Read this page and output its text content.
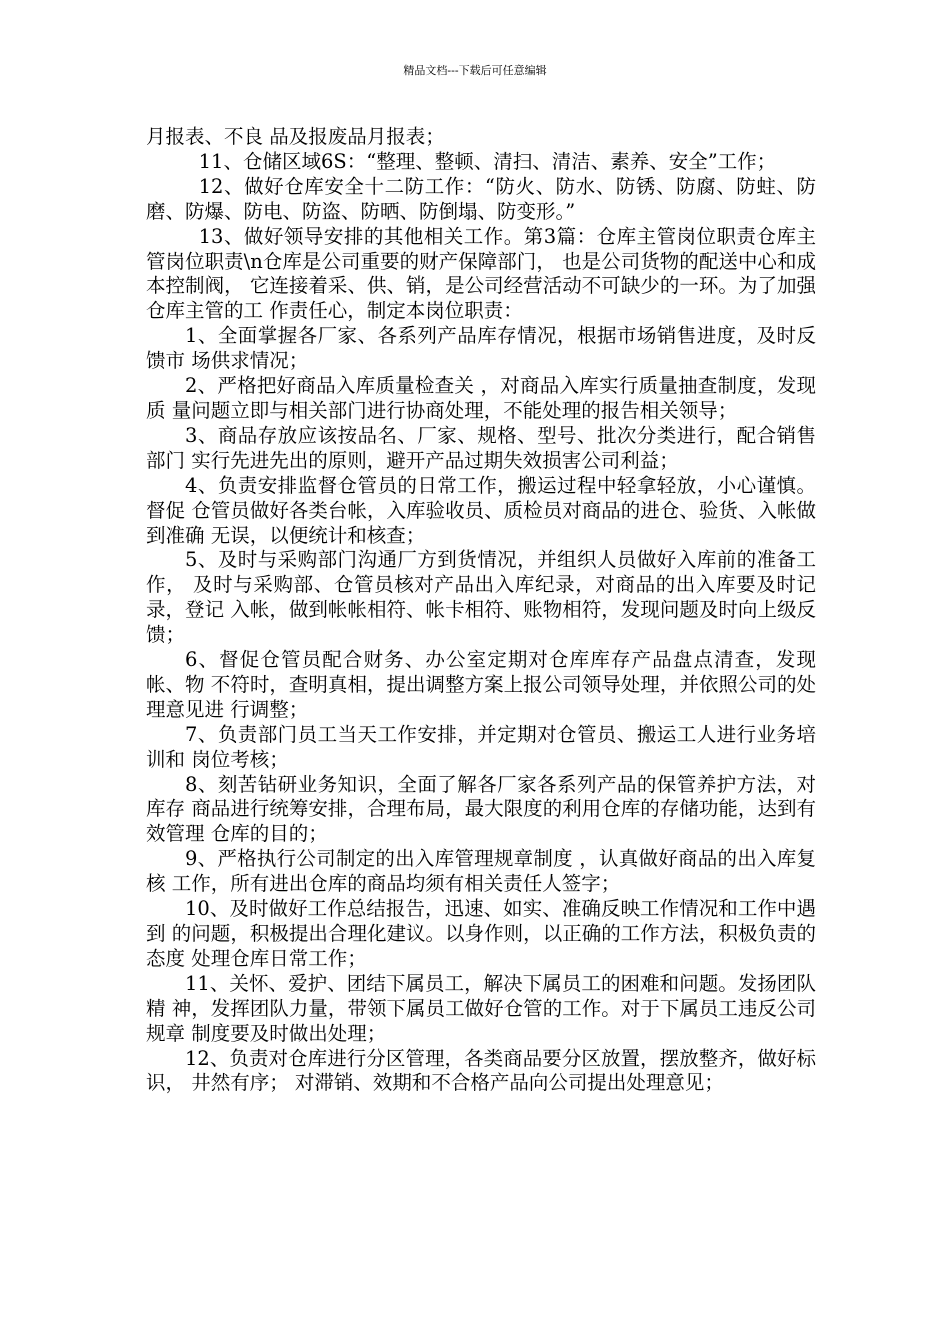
精品文档---下载后可任意编辑

月报表、不良 品及报废品月报表；

11、仓储区域6S：“整理、整顿、清扫、清洁、素养、安全”工作；

12、做好仓库安全十二防工作：“防火、防水、防锈、防腐、防蛀、防磨、防爆、防电、防盗、防晒、防倒塌、防变形。”

13、做好领导安排的其他相关工作。第3篇：仓库主管岗位职责仓库主管岗位职责\n仓库是公司重要的财产保障部门， 也是公司货物的配送中心和成本控制阀， 它连接着采、供、销，是公司经营活动不可缺少的一环。为了加强仓库主管的工 作责任心，制定本岗位职责：

1、全面掌握各厂家、各系列产品库存情况，根据市场销售进度，及时反馈市 场供求情况；

2、严格把好商品入库质量检查关 ，对商品入库实行质量抽查制度，发现质 量问题立即与相关部门进行协商处理，不能处理的报告相关领导；

3、商品存放应该按品名、厂家、规格、型号、批次分类进行，配合销售部门 实行先进先出的原则，避开产品过期失效损害公司利益；

4、负责安排监督仓管员的日常工作，搬运过程中轻拿轻放，小心谨慎。督促 仓管员做好各类台帐，入库验收员、质检员对商品的进仓、验货、入帐做到准确 无误，以便统计和核查；

5、及时与采购部门沟通厂方到货情况，并组织人员做好入库前的准备工作， 及时与采购部、仓管员核对产品出入库纪录，对商品的出入库要及时记录，登记 入帐，做到帐帐相符、帐卡相符、账物相符，发现问题及时向上级反馈；

6、督促仓管员配合财务、办公室定期对仓库库存产品盘点清查，发现帐、物 不符时，查明真相，提出调整方案上报公司领导处理，并依照公司的处理意见进 行调整；

7、负责部门员工当天工作安排，并定期对仓管员、搬运工人进行业务培训和 岗位考核；

8、刻苦钻研业务知识，全面了解各厂家各系列产品的保管养护方法，对库存 商品进行统筹安排，合理布局，最大限度的利用仓库的存储功能，达到有效管理 仓库的目的；

9、严格执行公司制定的出入库管理规章制度 ，认真做好商品的出入库复核 工作，所有进出仓库的商品均须有相关责任人签字；

10、及时做好工作总结报告，迅速、如实、准确反映工作情况和工作中遇到 的问题，积极提出合理化建议。以身作则，以正确的工作方法，积极负责的态度 处理仓库日常工作；

11、关怀、爱护、团结下属员工，解决下属员工的困难和问题。发扬团队精 神，发挥团队力量，带领下属员工做好仓管的工作。对于下属员工违反公司规章 制度要及时做出处理；

12、负责对仓库进行分区管理，各类商品要分区放置，摆放整齐，做好标识， 井然有序； 对滞销、效期和不合格产品向公司提出处理意见；
